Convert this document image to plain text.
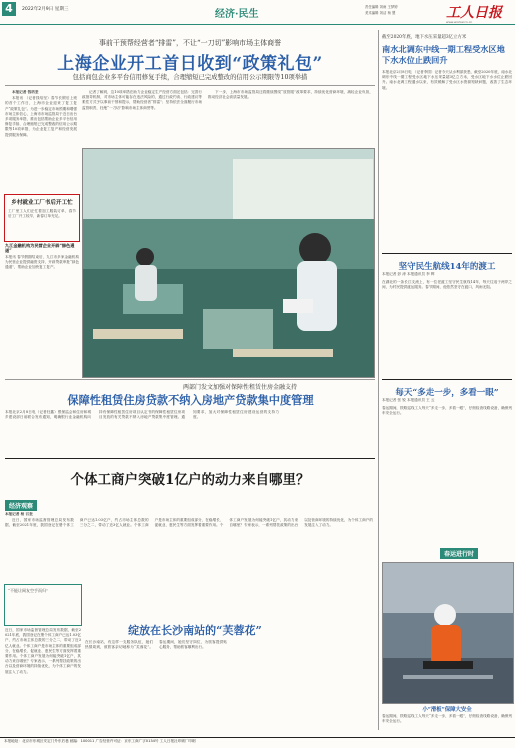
4	2022年2月9日 星期三	经济·民生
责任编辑 刘雨 王梦婷
美术编辑 刘洁 杨 慧	工人日报
www.workercn.cn
事前干预帮经营者“排雷”，不让“一刀切”影响市场主体商誉
上海企业开工首日收到“政策礼包”
包括商包企业多平台信用修复手续，合理缩短已完成整改的信用公示期限等10项举措

本报记者 钱培坚

本报讯 （记者钱培坚）春节长假后上班的首个工作日，上海市企业迎来了复工复产“政策礼包”。为进一步稳定市场预期和增强市场主体信心，上海市市场监管局于近日出台多项服务举措，推出包括帮助企业多平台信用修复手续、合理缩短已完成整改的信用公示期限等10项举措，为企业复工复产和经营发展提供服务保障。

记者了解到，这10项举措在助力企业稳定生产经营方面还包括：完善行政指导机制，对市场主体可能存在违法风险的，通过行政约谈、行政建议等柔性方式予以事前干预和提示，帮助经营者“排雷”；坚持依法全面履行市场监管职责，杜绝“一刀切”影响市场主体商誉等。

下一步，上海市市场监管局还将继续围绕“放管服”改革要求，持续优化营商环境，减轻企业负担，推动经济社会高质量发展。

乡村就业工厂书后开工忙
工厂里工人们正忙着加工服装订单，春节后工厂开工较早，新春订单充足。
九江金融机构为民营企业开辟“绿色通道”
本报讯 春节假期结束后，九江市多家金融机构为民营企业提供融资支持，开辟贷款审批“绿色通道”，帮助企业加快复工复产。
两部门发文加强对保障性租赁住房金融支持
保障性租赁住房贷款不纳入房地产贷款集中度管理
本报北京2月8日电（记者杜鑫）银保监会和住房和城乡建设部日前联合发布通知，明确银行业金融机构向持有保障性租赁住房项目认定书的保障性租赁住房项目发放的有关贷款不纳入房地产贷款集中度管理。通知要求，加大对保障性租赁住房建设运营的支持力度。
个体工商户突破1亿户的动力来自哪里？
经济观察
本报记者 杨 召奎

近日，国家市场监督管理总局发布数据，截至2021年底，我国登记在册个体工商户已达1.03亿户，约占市场主体总数的三分之二，带动了近3亿人就业。个体工商户是市场主体的重要组成部分，在稳增长、促就业、惠民生等方面发挥着重要作用。个体工商户发展为何能突破1亿户，其动力来自哪里？专家表示，一系列帮扶政策的出台以及营商环境的持续优化，为个体工商户的发展注入了动力。

“不能让网友空手而归”
近日，国家市场监督管理总局发布数据，截至2021年底，我国登记在册个体工商户已达1.03亿户，约占市场主体总数的三分之二，带动了近3亿人就业。个体工商户是市场主体的重要组成部分，在稳增长、促就业、惠民生等方面发挥着重要作用。个体工商户发展为何能突破1亿户，其动力来自哪里？专家表示，一系列帮扶政策的出台以及营商环境的持续优化，为个体工商户的发展注入了动力。
绽放在长沙南站的“芙蓉花”
在长沙南站，有这样一支服务队伍，她们热情周到，被旅客亲切地称为“芙蓉花”。春运期间，她们坚守岗位，为旅客提供贴心服务，帮助旅客顺利出行。
截至2020年底，地下水压采量超3亿立方米
南水北调东中线一期工程受水区地下水水位止跌回升
本报北京2月8日电 （记者李国）记者今天从水利部获悉，截至2020年底，南水北调东中线一期工程受水区地下水压采量超3亿立方米，受水区地下水水位止跌回升。南水北调工程通水以来，有效缓解了受水区水资源短缺问题，改善了生态环境。
坚守民生航线14年的渡工
本报记者 彭 涛 本报通讯员 李 辉
在湖北的一条长江支流上，有一位老渡工坚守民生航线14年，每天往返于两岸之间，为村民提供渡运服务。春节期间，他依然坚守在渡口，风雨无阻。
每天“多走一步，多看一眼”
本报记者 张 锐 本报通讯员 王 云
春运期间，铁路巡线工人每天“多走一步，多看一眼”，仔细检查线路设备，确保列车安全运行。
春运进行时
小“滑板”保障大安全
春运期间，铁路巡线工人每天“多走一步，多看一眼”，仔细检查线路设备，确保列车安全运行。
本报地址：北京市东城区安定门外东后巷 邮编：100011 广告经营许可证：京东工商广字0134号 工人日报社印刷厂印刷
